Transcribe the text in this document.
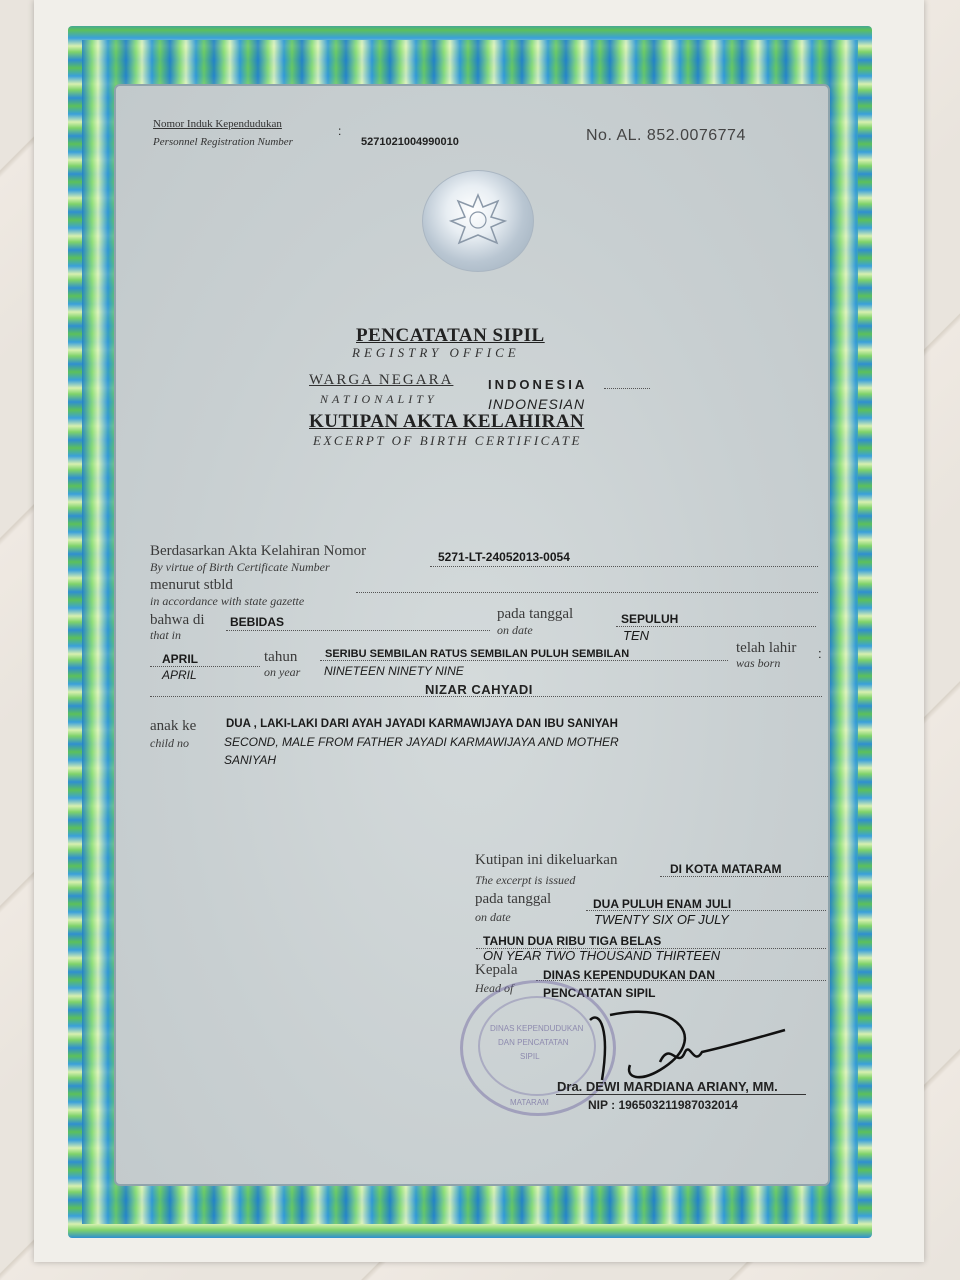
Nomor Induk Kependudukan
Personnel Registration Number
:
5271021004990010	No. AL. 852.0076774
PENCATATAN SIPIL
REGISTRY OFFICE
WARGA NEGARA
NATIONALITY
INDONESIA
INDONESIAN
KUTIPAN AKTA KELAHIRAN
EXCERPT OF BIRTH CERTIFICATE
Berdasarkan Akta Kelahiran Nomor
By virtue of Birth Certificate Number
5271-LT-24052013-0054
menurut stbld
in accordance with state gazette
bahwa di
that in
BEBIDAS	pada tanggal
on date
SEPULUH
TEN
APRIL
APRIL
tahun
on year
SERIBU SEMBILAN RATUS SEMBILAN PULUH SEMBILAN
NINETEEN NINETY NINE
telah lahir
was born
:
NIZAR CAHYADI
anak ke
child no
DUA , LAKI-LAKI DARI AYAH JAYADI KARMAWIJAYA DAN IBU SANIYAH
SECOND, MALE FROM FATHER JAYADI KARMAWIJAYA AND MOTHER
SANIYAH
Kutipan ini dikeluarkan
The excerpt is issued
DI KOTA MATARAM
pada tanggal
on date
DUA PULUH ENAM JULI
TWENTY SIX OF JULY
TAHUN DUA RIBU TIGA BELAS
ON YEAR TWO THOUSAND THIRTEEN
Kepala
Head of
DINAS KEPENDUDUKAN DAN
PENCATATAN SIPIL
DINAS KEPENDUDUKAN
DAN PENCATATAN
SIPIL
MATARAM
Dra. DEWI MARDIANA ARIANY, MM.
NIP : 196503211987032014
